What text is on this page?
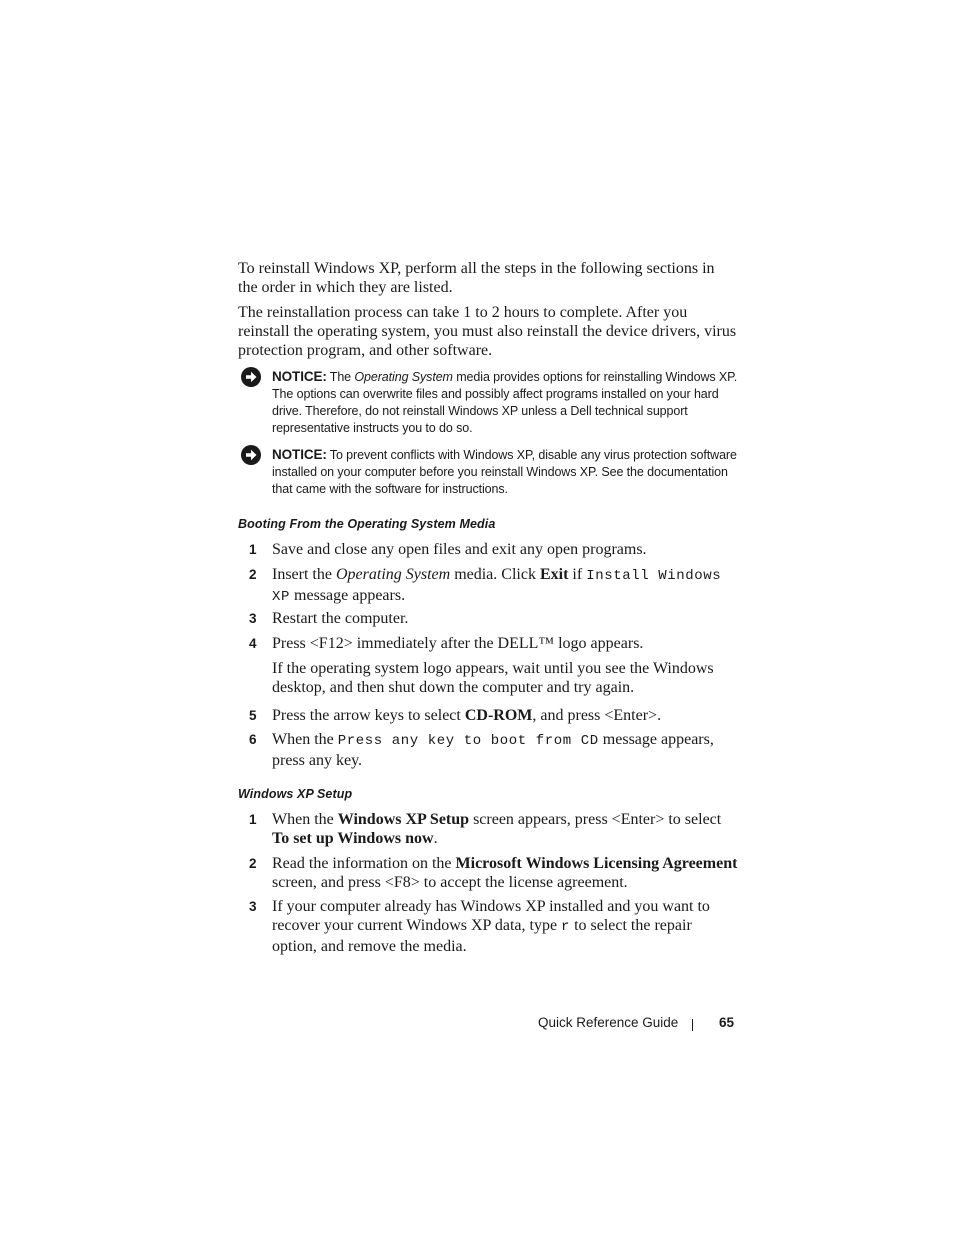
To reinstall Windows XP, perform all the steps in the following sections in the order in which they are listed.

The reinstallation process can take 1 to 2 hours to complete. After you reinstall the operating system, you must also reinstall the device drivers, virus protection program, and other software.

NOTICE: The Operating System media provides options for reinstalling Windows XP. The options can overwrite files and possibly affect programs installed on your hard drive. Therefore, do not reinstall Windows XP unless a Dell technical support representative instructs you to do so.
NOTICE: To prevent conflicts with Windows XP, disable any virus protection software installed on your computer before you reinstall Windows XP. See the documentation that came with the software for instructions.
Booting From the Operating System Media
1 Save and close any open files and exit any open programs.
2 Insert the Operating System media. Click Exit if Install Windows XP message appears.
3 Restart the computer.
4 Press <F12> immediately after the DELL™ logo appears.
If the operating system logo appears, wait until you see the Windows desktop, and then shut down the computer and try again.
5 Press the arrow keys to select CD-ROM, and press <Enter>.
6 When the Press any key to boot from CD message appears, press any key.
Windows XP Setup
1 When the Windows XP Setup screen appears, press <Enter> to select To set up Windows now.
2 Read the information on the Microsoft Windows Licensing Agreement screen, and press <F8> to accept the license agreement.
3 If your computer already has Windows XP installed and you want to recover your current Windows XP data, type r to select the repair option, and remove the media.
Quick Reference Guide	65
